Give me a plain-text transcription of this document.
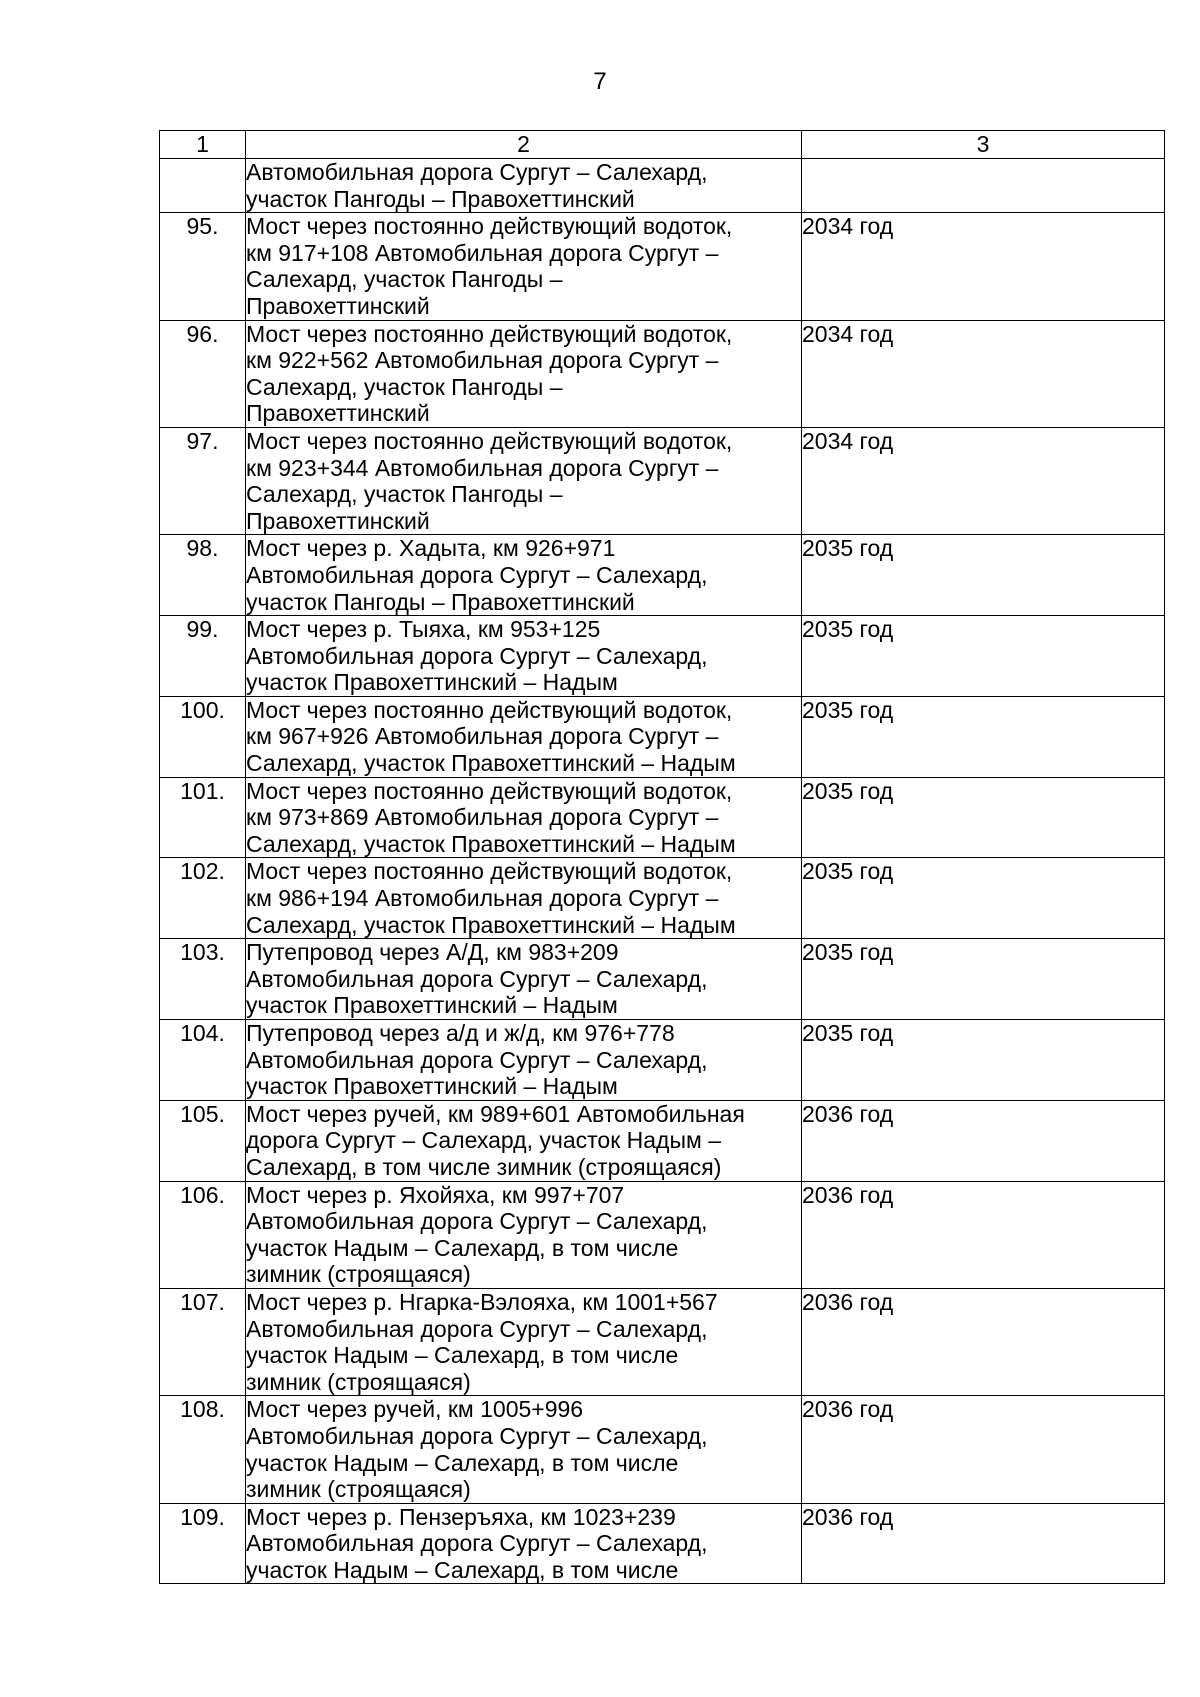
7
1	2	3

	Автомобильная дорога Сургут – Салехард,
участок Пангоды – Правохеттинский	

95.	Мост через постоянно действующий водоток,
км 917+108 Автомобильная дорога Сургут –
Салехард, участок Пангоды –
Правохеттинский	2034 год
96.	Мост через постоянно действующий водоток,
км 922+562 Автомобильная дорога Сургут –
Салехард, участок Пангоды –
Правохеттинский	2034 год
97.	Мост через постоянно действующий водоток,
км 923+344 Автомобильная дорога Сургут –
Салехард, участок Пангоды –
Правохеттинский	2034 год
98.	Мост через р. Хадыта, км 926+971
Автомобильная дорога Сургут – Салехард,
участок Пангоды – Правохеттинский	2035 год
99.	Мост через р. Тыяха, км 953+125
Автомобильная дорога Сургут – Салехард,
участок Правохеттинский – Надым	2035 год
100.	Мост через постоянно действующий водоток,
км 967+926 Автомобильная дорога Сургут –
Салехард, участок Правохеттинский – Надым	2035 год
101.	Мост через постоянно действующий водоток,
км 973+869 Автомобильная дорога Сургут –
Салехард, участок Правохеттинский – Надым	2035 год
102.	Мост через постоянно действующий водоток,
км 986+194 Автомобильная дорога Сургут –
Салехард, участок Правохеттинский – Надым	2035 год
103.	Путепровод через А/Д, км 983+209
Автомобильная дорога Сургут – Салехард,
участок Правохеттинский – Надым	2035 год
104.	Путепровод через а/д и ж/д, км 976+778
Автомобильная дорога Сургут – Салехард,
участок Правохеттинский – Надым	2035 год
105.	Мост через ручей, км 989+601 Автомобильная
дорога Сургут – Салехард, участок Надым –
Салехард, в том числе зимник (строящаяся)	2036 год
106.	Мост через р. Яхойяха, км 997+707
Автомобильная дорога Сургут – Салехард,
участок Надым – Салехард, в том числе
зимник (строящаяся)	2036 год
107.	Мост через р. Нгарка-Вэлояха, км 1001+567
Автомобильная дорога Сургут – Салехард,
участок Надым – Салехард, в том числе
зимник (строящаяся)	2036 год
108.	Мост через ручей, км 1005+996
Автомобильная дорога Сургут – Салехард,
участок Надым – Салехард, в том числе
зимник (строящаяся)	2036 год
109.	Мост через р. Пензеръяха, км 1023+239
Автомобильная дорога Сургут – Салехард,
участок Надым – Салехард, в том числе	2036 год
